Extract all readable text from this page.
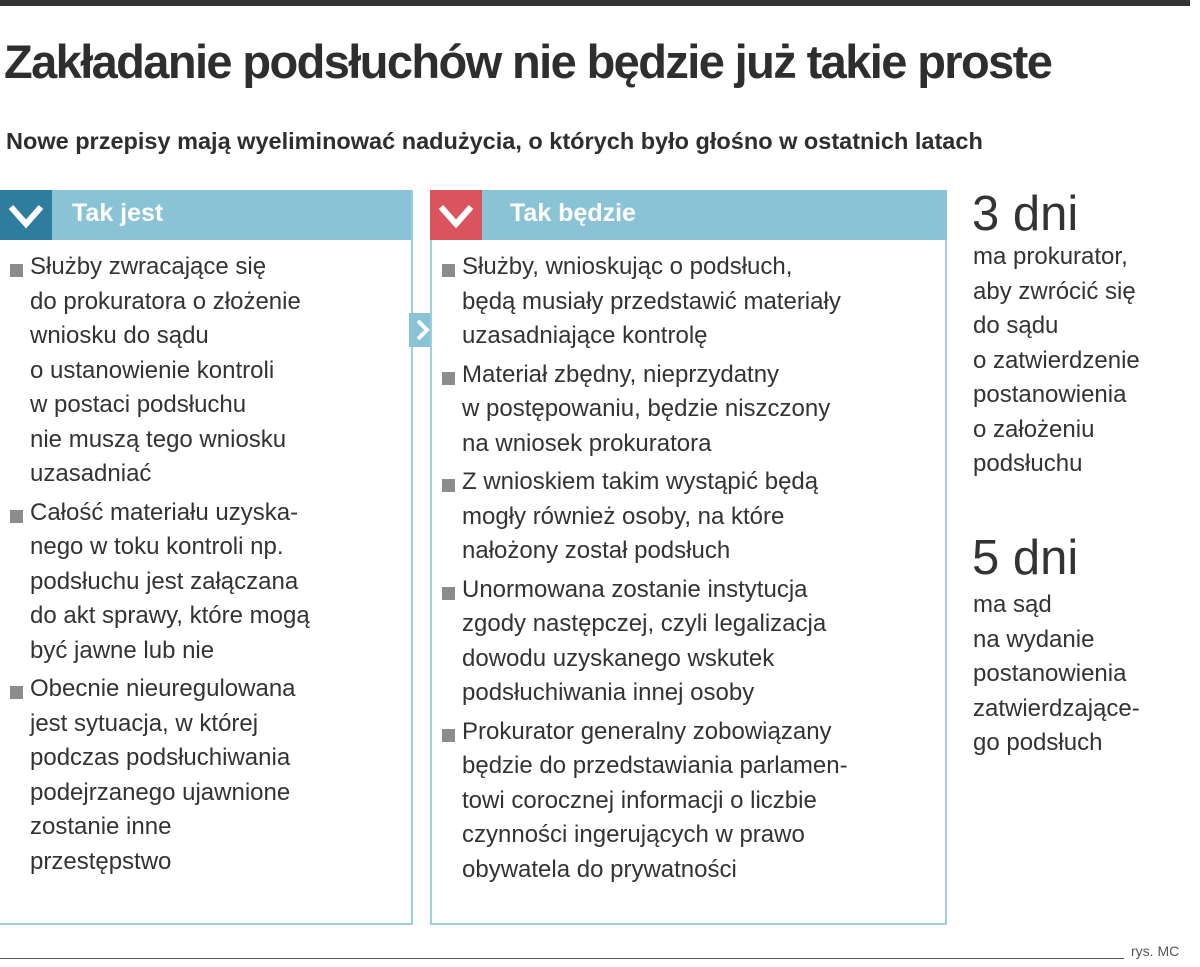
Zakładanie podsłuchów nie będzie już takie proste
Nowe przepisy mają wyeliminować nadużycia, o których było głośno w ostatnich latach
Tak jest
Służby zwracające się
do prokuratora o złożenie
wniosku do sądu
o ustanowienie kontroli
w postaci podsłuchu
nie muszą tego wniosku
uzasadniać
Całość materiału uzyska-
nego w toku kontroli np.
podsłuchu jest załączana
do akt sprawy, które mogą
być jawne lub nie
Obecnie nieuregulowana
jest sytuacja, w której
podczas podsłuchiwania
podejrzanego ujawnione
zostanie inne
przestępstwo
Tak będzie
Służby, wnioskując o podsłuch,
będą musiały przedstawić materiały
uzasadniające kontrolę
Materiał zbędny, nieprzydatny
w postępowaniu, będzie niszczony
na wniosek prokuratora
Z wnioskiem takim wystąpić będą
mogły również osoby, na które
nałożony został podsłuch
Unormowana zostanie instytucja
zgody następczej, czyli legalizacja
dowodu uzyskanego wskutek
podsłuchiwania innej osoby
Prokurator generalny zobowiązany
będzie do przedstawiania parlamen-
towi corocznej informacji o liczbie
czynności ingerujących w prawo
obywatela do prywatności
3 dni
ma prokurator,
aby zwrócić się
do sądu
o zatwierdzenie
postanowienia
o założeniu
podsłuchu
5 dni
ma sąd
na wydanie
postanowienia
zatwierdzające-
go podsłuch
rys. MC
